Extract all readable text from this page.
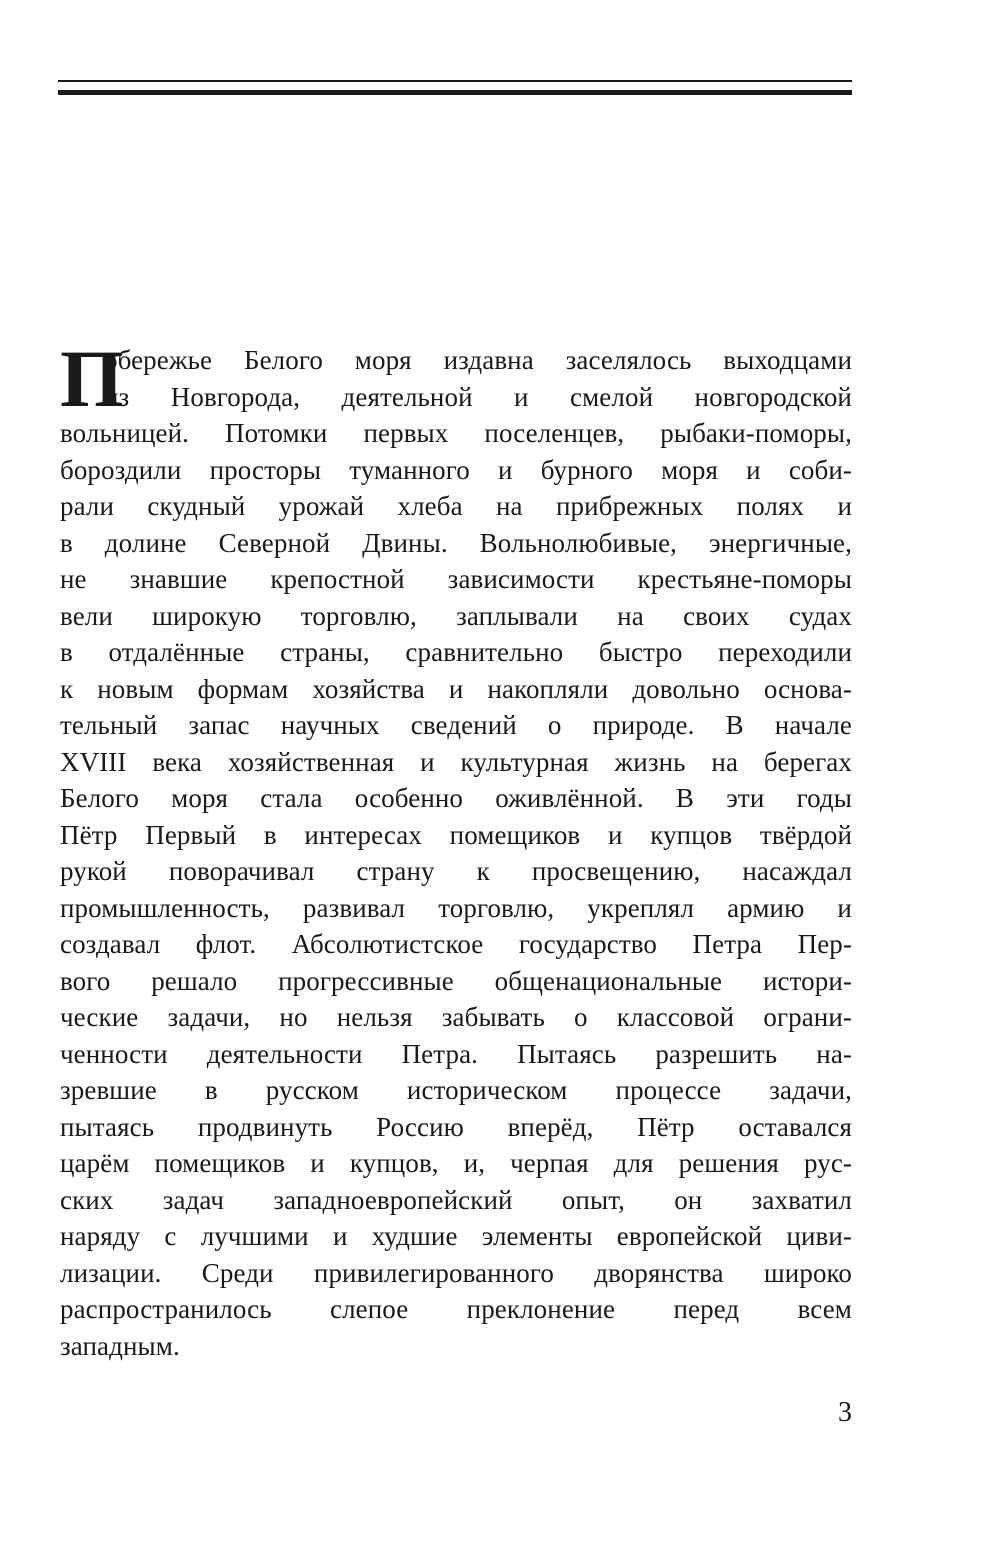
П
обережье Белого моря издавна заселялось выходцами
из Новгорода, деятельной и смелой новгородской
вольницей. Потомки первых поселенцев, рыбаки-поморы,
бороздили просторы туманного и бурного моря и соби-
рали скудный урожай хлеба на прибрежных полях и
в долине Северной Двины. Вольнолюбивые, энергичные,
не знавшие крепостной зависимости крестьяне-поморы
вели широкую торговлю, заплывали на своих судах
в отдалённые страны, сравнительно быстро переходили
к новым формам хозяйства и накопляли довольно основа-
тельный запас научных сведений о природе. В начале
XVIII века хозяйственная и культурная жизнь на берегах
Белого моря стала особенно оживлённой. В эти годы
Пётр Первый в интересах помещиков и купцов твёрдой
рукой поворачивал страну к просвещению, насаждал
промышленность, развивал торговлю, укреплял армию и
создавал флот. Абсолютистское государство Петра Пер-
вого решало прогрессивные общенациональные истори-
ческие задачи, но нельзя забывать о классовой ограни-
ченности деятельности Петра. Пытаясь разрешить на-
зревшие в русском историческом процессе задачи,
пытаясь продвинуть Россию вперёд, Пётр оставался
царём помещиков и купцов, и, черпая для решения рус-
ских задач западноевропейский опыт, он захватил
наряду с лучшими и худшие элементы европейской циви-
лизации. Среди привилегированного дворянства широко
распространилось слепое преклонение перед всем
западным.
3
